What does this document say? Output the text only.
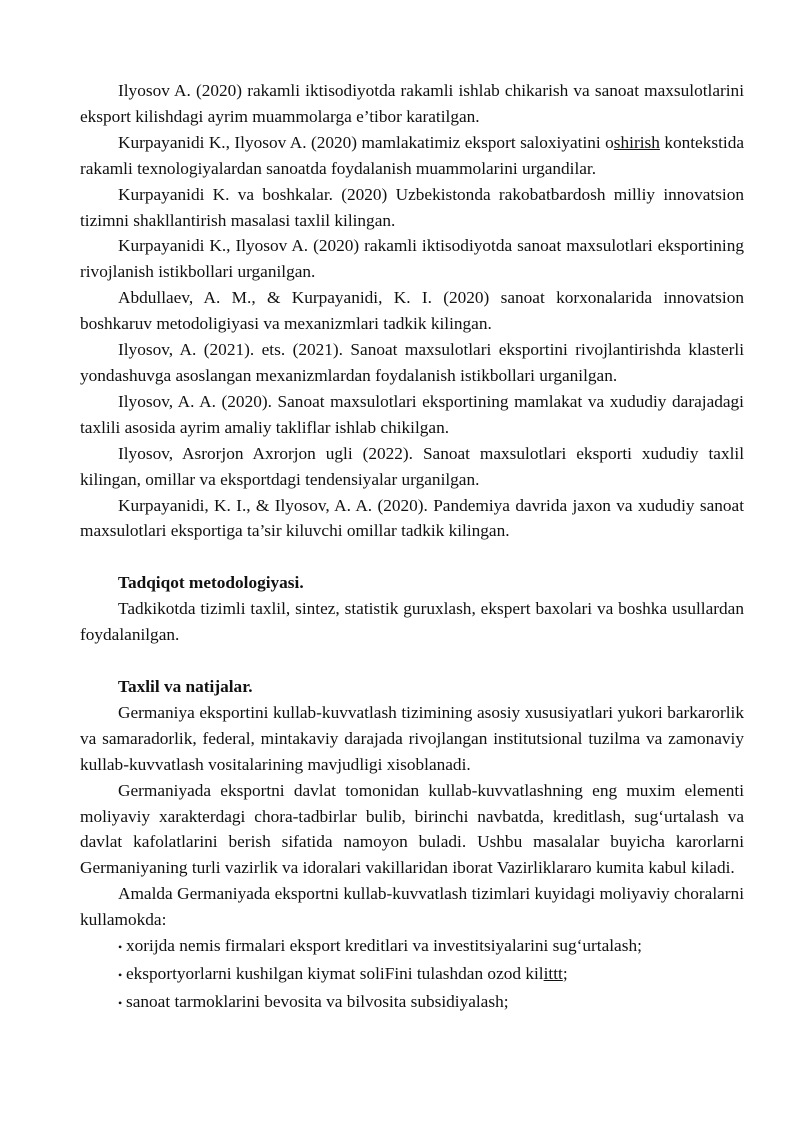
Ilyosov A. (2020) rakamli iktisodiyotda rakamli ishlab chikarish va sanoat maxsulotlarini eksport kilishdagi ayrim muammolarga e’tibor karatilgan.

Kurpayanidi K., Ilyosov A. (2020) mamlakatimiz eksport saloxiyatini oshirish kontekstida rakamli texnologiyalardan sanoatda foydalanish muammolarini urgandilar.

Kurpayanidi K. va boshkalar. (2020) Uzbekistonda rakobatbardosh milliy innovatsion tizimni shakllantirish masalasi taxlil kilingan.

Kurpayanidi K., Ilyosov A. (2020) rakamli iktisodiyotda sanoat maxsulotlari eksportining rivojlanish istikbollari urganilgan.

Abdullaev, A. M., & Kurpayanidi, K. I. (2020) sanoat korxonalarida innovatsion boshkaruv metodoligiyasi va mexanizmlari tadkik kilingan.

Ilyosov, A. (2021). ets. (2021). Sanoat maxsulotlari eksportini rivojlantirishda klasterli yondashuvga asoslangan mexanizmlardan foydalanish istikbollari urganilgan.

Ilyosov, A. A. (2020). Sanoat maxsulotlari eksportining mamlakat va xududiy darajadagi taxlili asosida ayrim amaliy takliflar ishlab chikilgan.

Ilyosov, Asrorjon Axrorjon ugli (2022). Sanoat maxsulotlari eksporti xududiy taxlil kilingan, omillar va eksportdagi tendensiyalar urganilgan.

Kurpayanidi, K. I., & Ilyosov, A. A. (2020). Pandemiya davrida jaxon va xududiy sanoat maxsulotlari eksportiga ta’sir kiluvchi omillar tadkik kilingan.

Tadqiqot metodologiyasi.

Tadkikotda tizimli taxlil, sintez, statistik guruxlash, ekspert baxolari va boshka usullardan foydalanilgan.

Taxlil va natijalar.

Germaniya eksportini kullab-kuvvatlash tizimining asosiy xususiyatlari yukori barkarorlik va samaradorlik, federal, mintakaviy darajada rivojlangan institutsional tuzilma va zamonaviy kullab-kuvvatlash vositalarining mavjudligi xisoblanadi.

Germaniyada eksportni davlat tomonidan kullab-kuvvatlashning eng muxim elementi moliyaviy xarakterdagi chora-tadbirlar bulib, birinchi navbatda, kreditlash, sug‘urtalash va davlat kafolatlarini berish sifatida namoyon buladi. Ushbu masalalar buyicha karorlarni Germaniyaning turli vazirlik va idoralari vakillaridan iborat Vazirliklararo kumita kabul kiladi.

Amalda Germaniyada eksportni kullab-kuvvatlash tizimlari kuyidagi moliyaviy choralarni kullamokda:

• xorijda nemis firmalari eksport kreditlari va investitsiyalarini sug‘urtalash;
• eksportyorlarni kushilgan kiymat soliFini tulashdan ozod kilittt;
• sanoat tarmoklarini bevosita va bilvosita subsidiyalash;
